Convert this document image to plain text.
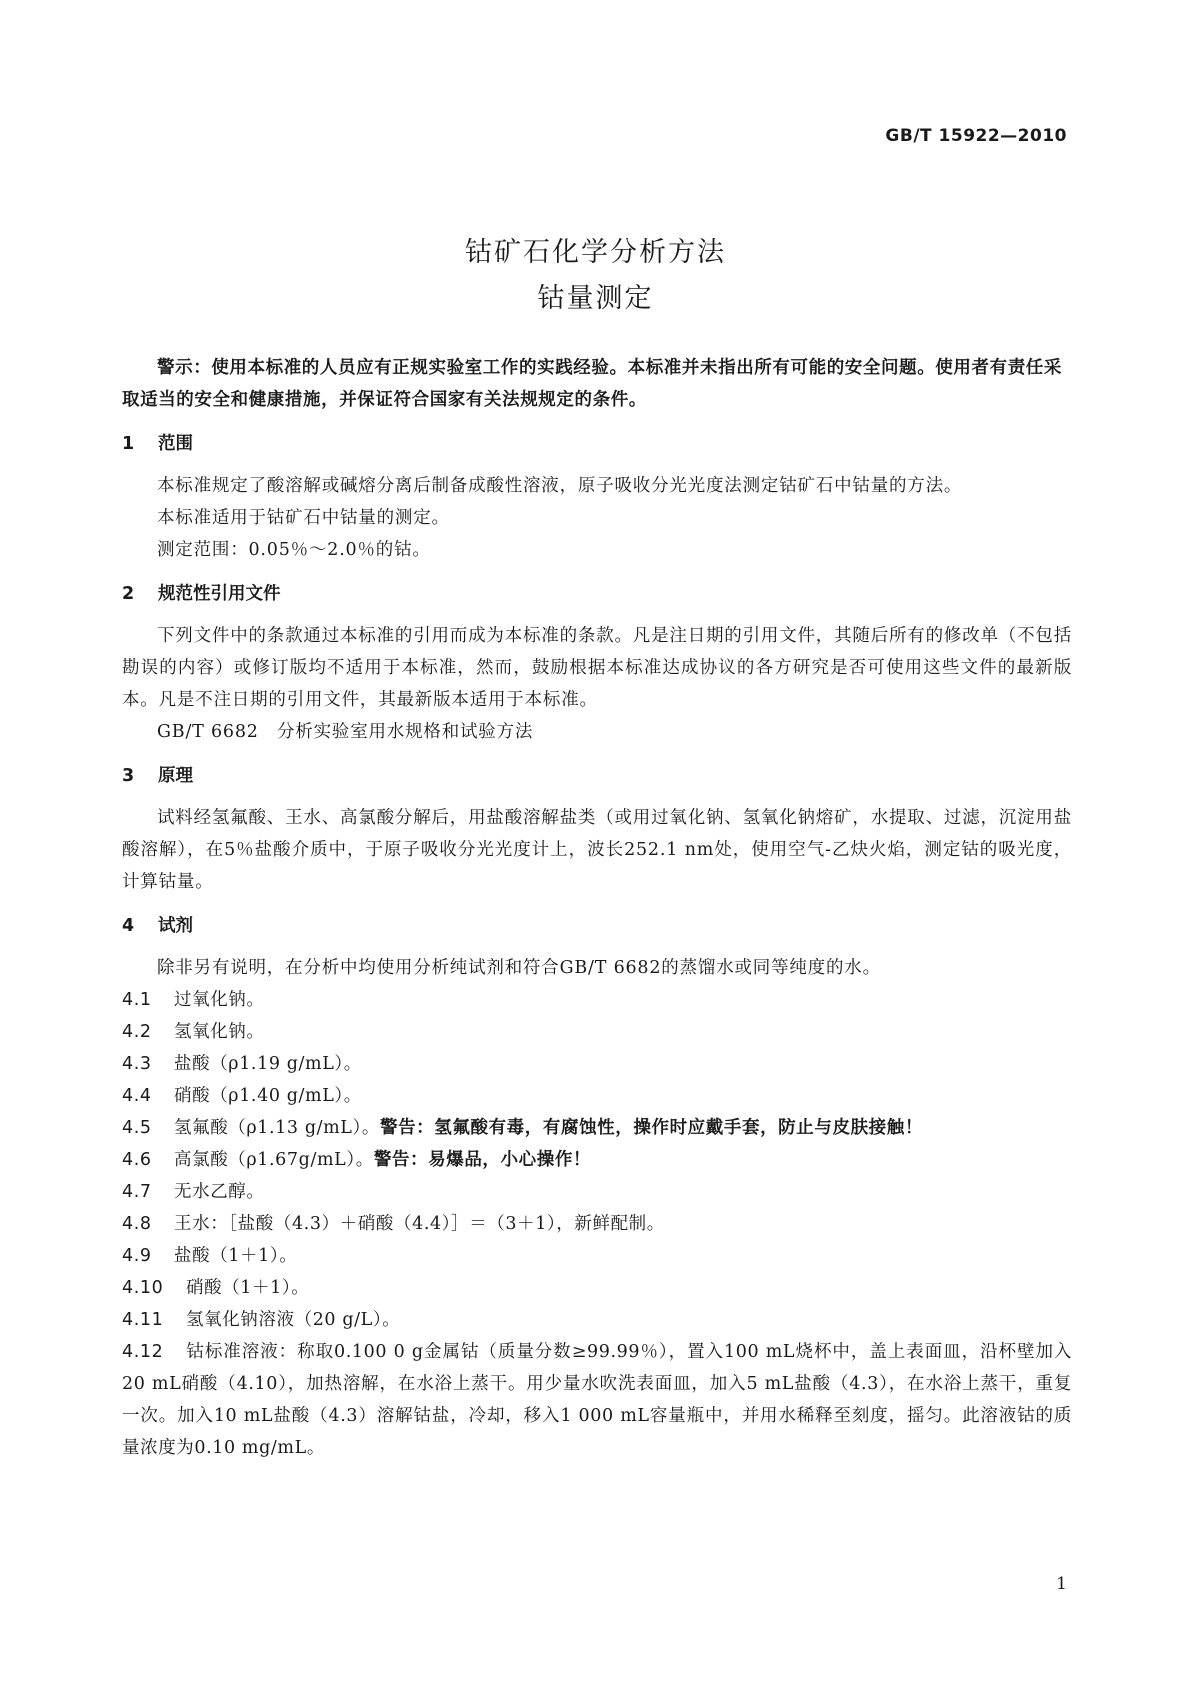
GB/T 15922—2010
钴矿石化学分析方法
钴量测定

警示：使用本标准的人员应有正规实验室工作的实践经验。本标准并未指出所有可能的安全问题。使用者有责任采取适当的安全和健康措施，并保证符合国家有关法规规定的条件。

1 范围

本标准规定了酸溶解或碱熔分离后制备成酸性溶液，原子吸收分光光度法测定钴矿石中钴量的方法。

本标准适用于钴矿石中钴量的测定。

测定范围：0.05％～2.0％的钴。

2 规范性引用文件

下列文件中的条款通过本标准的引用而成为本标准的条款。凡是注日期的引用文件，其随后所有的修改单（不包括勘误的内容）或修订版均不适用于本标准，然而，鼓励根据本标准达成协议的各方研究是否可使用这些文件的最新版本。凡是不注日期的引用文件，其最新版本适用于本标准。

GB/T 6682 分析实验室用水规格和试验方法

3 原理

试料经氢氟酸、王水、高氯酸分解后，用盐酸溶解盐类（或用过氧化钠、氢氧化钠熔矿，水提取、过滤，沉淀用盐酸溶解），在5％盐酸介质中，于原子吸收分光光度计上，波长252.1 nm处，使用空气-乙炔火焰，测定钴的吸光度，计算钴量。

4 试剂

除非另有说明，在分析中均使用分析纯试剂和符合GB/T 6682的蒸馏水或同等纯度的水。

4.1 过氧化钠。
4.2 氢氧化钠。
4.3 盐酸（ρ1.19 g/mL）。
4.4 硝酸（ρ1.40 g/mL）。
4.5 氢氟酸（ρ1.13 g/mL）。警告：氢氟酸有毒，有腐蚀性，操作时应戴手套，防止与皮肤接触！
4.6 高氯酸（ρ1.67g/mL）。警告：易爆品，小心操作！
4.7 无水乙醇。
4.8 王水：［盐酸（4.3）＋硝酸（4.4）］＝（3＋1），新鲜配制。
4.9 盐酸（1＋1）。
4.10 硝酸（1＋1）。
4.11 氢氧化钠溶液（20 g/L）。
4.12 钴标准溶液：称取0.100 0 g金属钴（质量分数≥99.99％），置入100 mL烧杯中，盖上表面皿，沿杯壁加入20 mL硝酸（4.10），加热溶解，在水浴上蒸干。用少量水吹洗表面皿，加入5 mL盐酸（4.3），在水浴上蒸干，重复一次。加入10 mL盐酸（4.3）溶解钴盐，冷却，移入1 000 mL容量瓶中，并用水稀释至刻度，摇匀。此溶液钴的质量浓度为0.10 mg/mL。
1
